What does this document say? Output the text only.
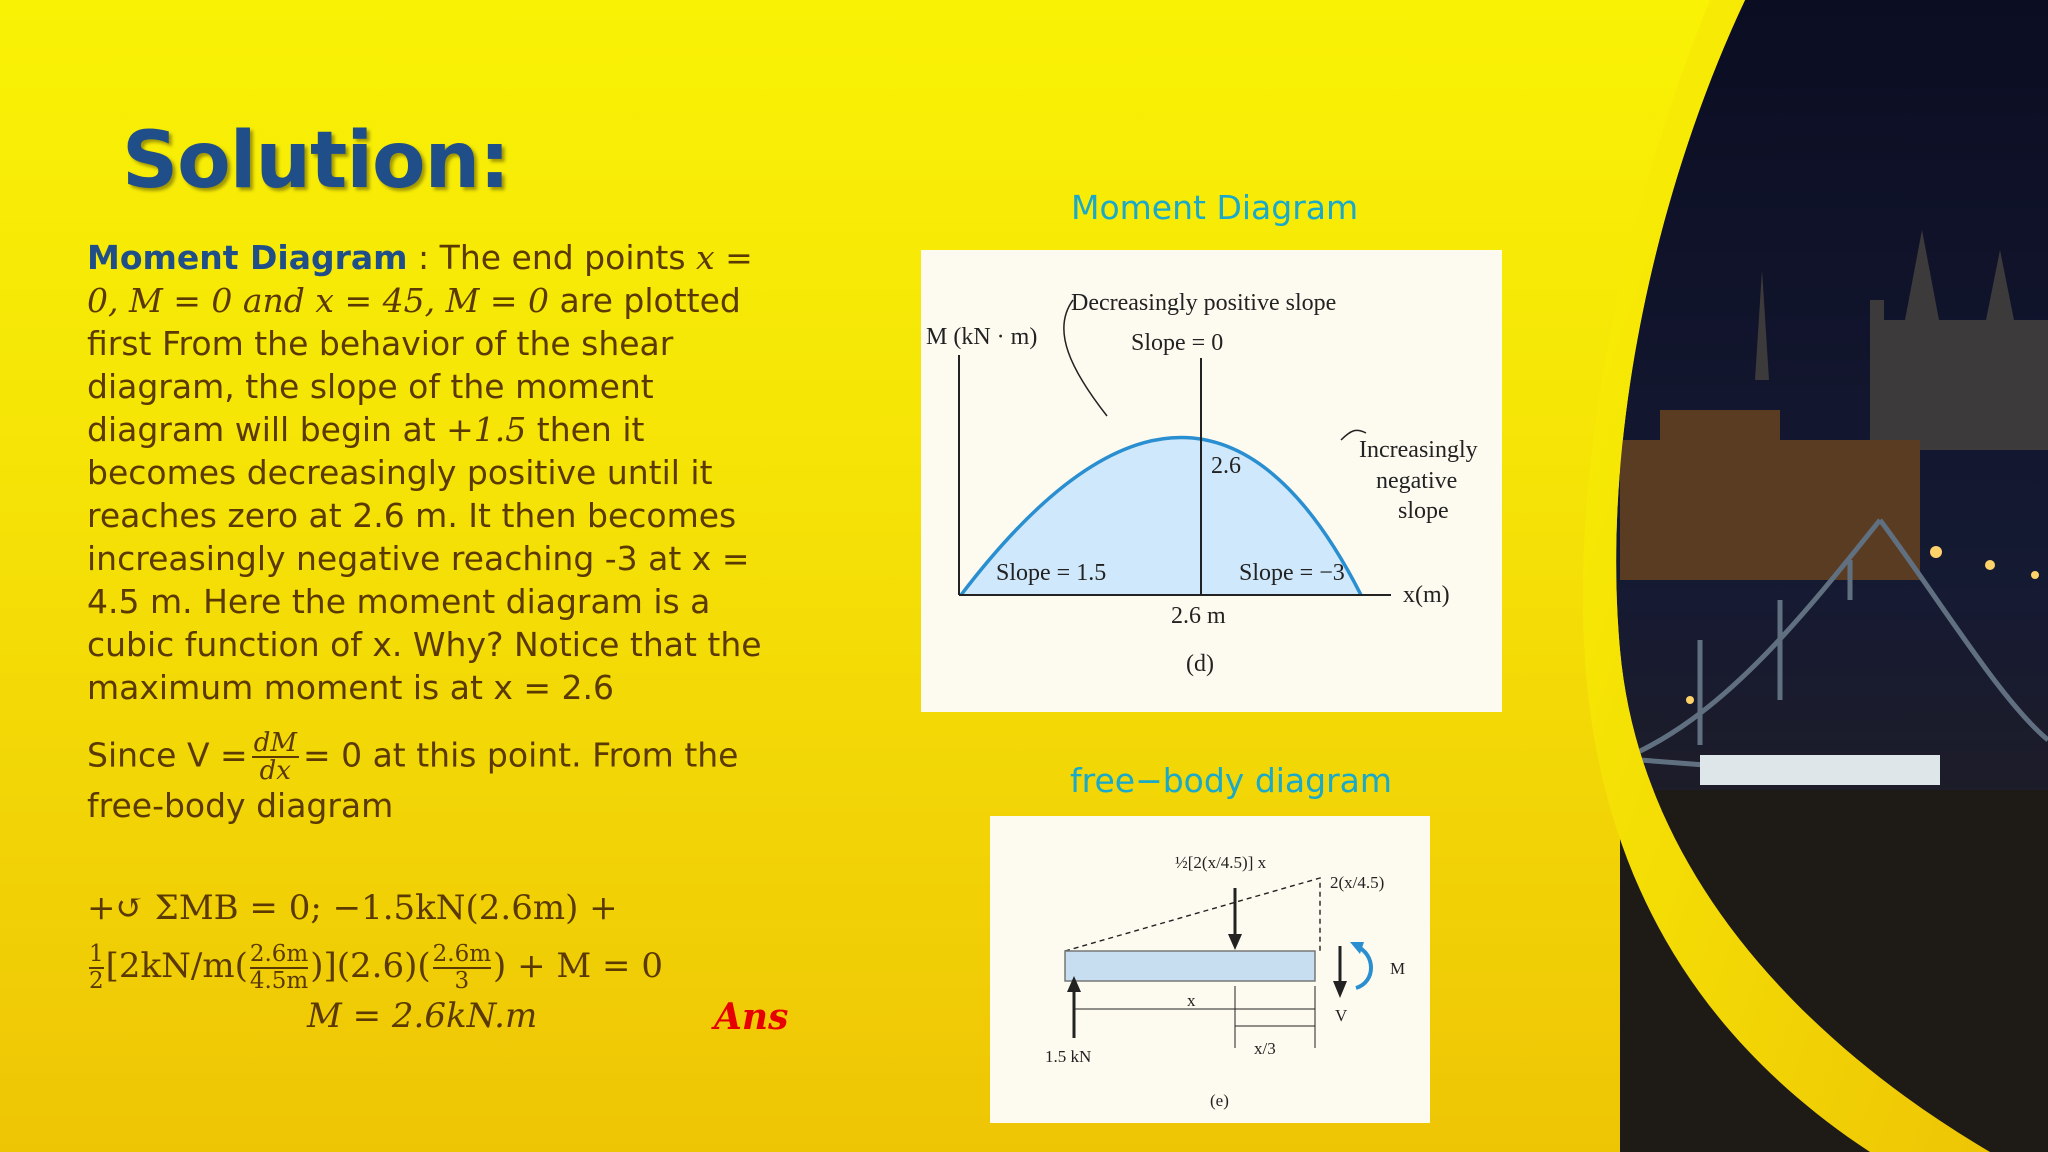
Solution:
Moment Diagram : The end points x = 0, M = 0 and x = 45, M = 0 are plotted first From the behavior of the shear diagram, the slope of the moment diagram will begin at +1.5 then it becomes decreasingly positive until it reaches zero at 2.6 m. It then becomes increasingly negative reaching -3 at x = 4.5 m. Here the moment diagram is a cubic function of x. Why? Notice that the maximum moment is at x = 2.6
Since $V = \frac{dM}{dx} = 0$ at this point. From the free-body diagram
+↺ ΣMB = 0; −1.5kN(2.6m) +
$\frac{1}{2} [2kN/m( \frac{2.6m}{4.5m} )](2.6)( \frac{2.6m}{3}$ ) + M = 0
M = 2.6kN.m	Ans
Moment Diagram
M (kN · m)
Decreasingly positive slope
Slope = 0
2.6
Increasingly
negative
slope
Slope = 1.5	Slope = −3
x(m)
2.6 m
(d)
free−body diagram
½[2(x/4.5)] x
2(x/4.5)
M
V
x
x/3
1.5 kN
(e)
